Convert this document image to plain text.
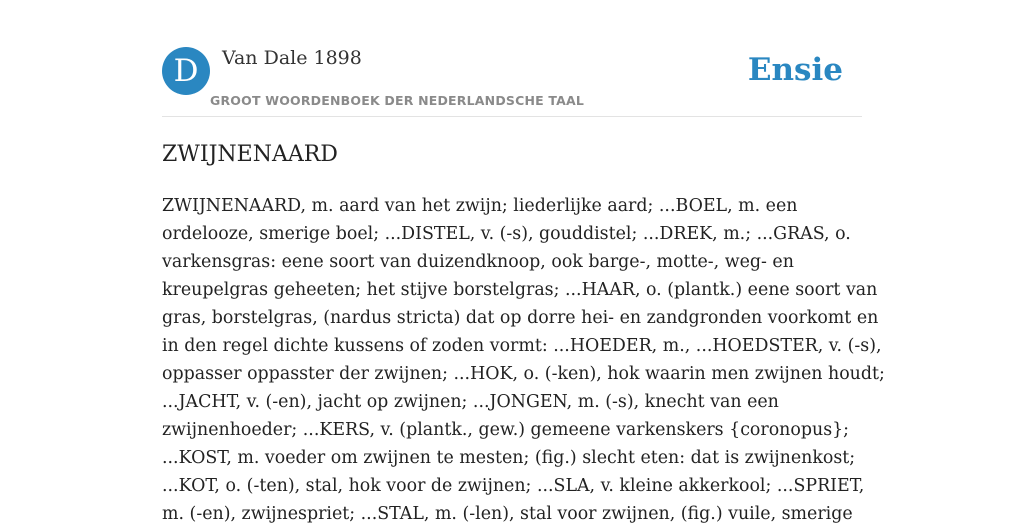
D	Van Dale 1898
GROOT WOORDENBOEK DER NEDERLANDSCHE TAAL
Ensie
ZWIJNENAARD
ZWIJNENAARD, m. aard van het zwijn; liederlijke aard; ...BOEL, m. een
ordelooze, smerige boel; ...DISTEL, v. (-s), gouddistel; ...DREK, m.; ...GRAS, o.
varkensgras: eene soort van duizendknoop, ook barge-, motte-, weg- en
kreupelgras geheeten; het stijve borstelgras; ...HAAR, o. (plantk.) eene soort van
gras, borstelgras, (nardus stricta) dat op dorre hei- en zandgronden voorkomt en
in den regel dichte kussens of zoden vormt: ...HOEDER, m., ...HOEDSTER, v. (-s),
oppasser oppasster der zwijnen; ...HOK, o. (-ken), hok waarin men zwijnen houdt;
...JACHT, v. (-en), jacht op zwijnen; ...JONGEN, m. (-s), knecht van een
zwijnenhoeder; ...KERS, v. (plantk., gew.) gemeene varkenskers {coronopus};
...KOST, m. voeder om zwijnen te mesten; (fig.) slecht eten: dat is zwijnenkost;
...KOT, o. (-ten), stal, hok voor de zwijnen; ...SLA, v. kleine akkerkool; ...SPRIET,
m. (-en), zwijnespriet; ...STAL, m. (-len), stal voor zwijnen, (fig.) vuile, smerige
